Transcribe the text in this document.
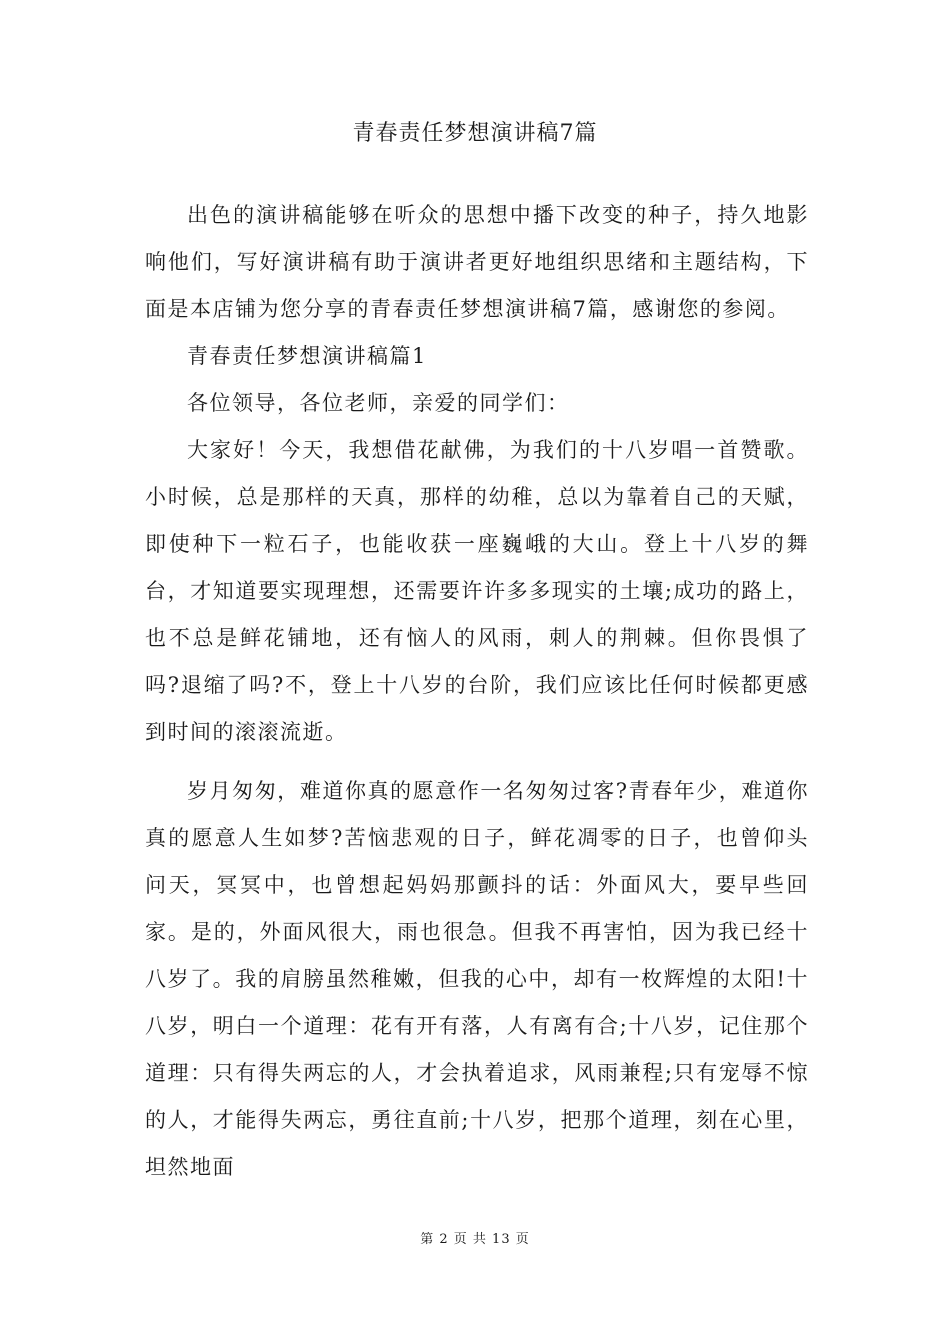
青春责任梦想演讲稿7篇

出色的演讲稿能够在听众的思想中播下改变的种子，持久地影响他们，写好演讲稿有助于演讲者更好地组织思绪和主题结构，下面是本店铺为您分享的青春责任梦想演讲稿7篇，感谢您的参阅。

青春责任梦想演讲稿篇1

各位领导，各位老师，亲爱的同学们：

大家好！今天，我想借花献佛，为我们的十八岁唱一首赞歌。小时候，总是那样的天真，那样的幼稚，总以为靠着自己的天赋，即使种下一粒石子，也能收获一座巍峨的大山。登上十八岁的舞台，才知道要实现理想，还需要许许多多现实的土壤;成功的路上，也不总是鲜花铺地，还有恼人的风雨，刺人的荆棘。但你畏惧了吗?退缩了吗?不，登上十八岁的台阶，我们应该比任何时候都更感到时间的滚滚流逝。

岁月匆匆，难道你真的愿意作一名匆匆过客?青春年少，难道你真的愿意人生如梦?苦恼悲观的日子，鲜花凋零的日子，也曾仰头问天，冥冥中，也曾想起妈妈那颤抖的话：外面风大，要早些回家。是的，外面风很大，雨也很急。但我不再害怕，因为我已经十八岁了。我的肩膀虽然稚嫩，但我的心中，却有一枚辉煌的太阳!十八岁，明白一个道理：花有开有落，人有离有合;十八岁，记住那个道理：只有得失两忘的人，才会执着追求，风雨兼程;只有宠辱不惊的人，才能得失两忘，勇往直前;十八岁，把那个道理，刻在心里，坦然地面

第 2 页 共 13 页
